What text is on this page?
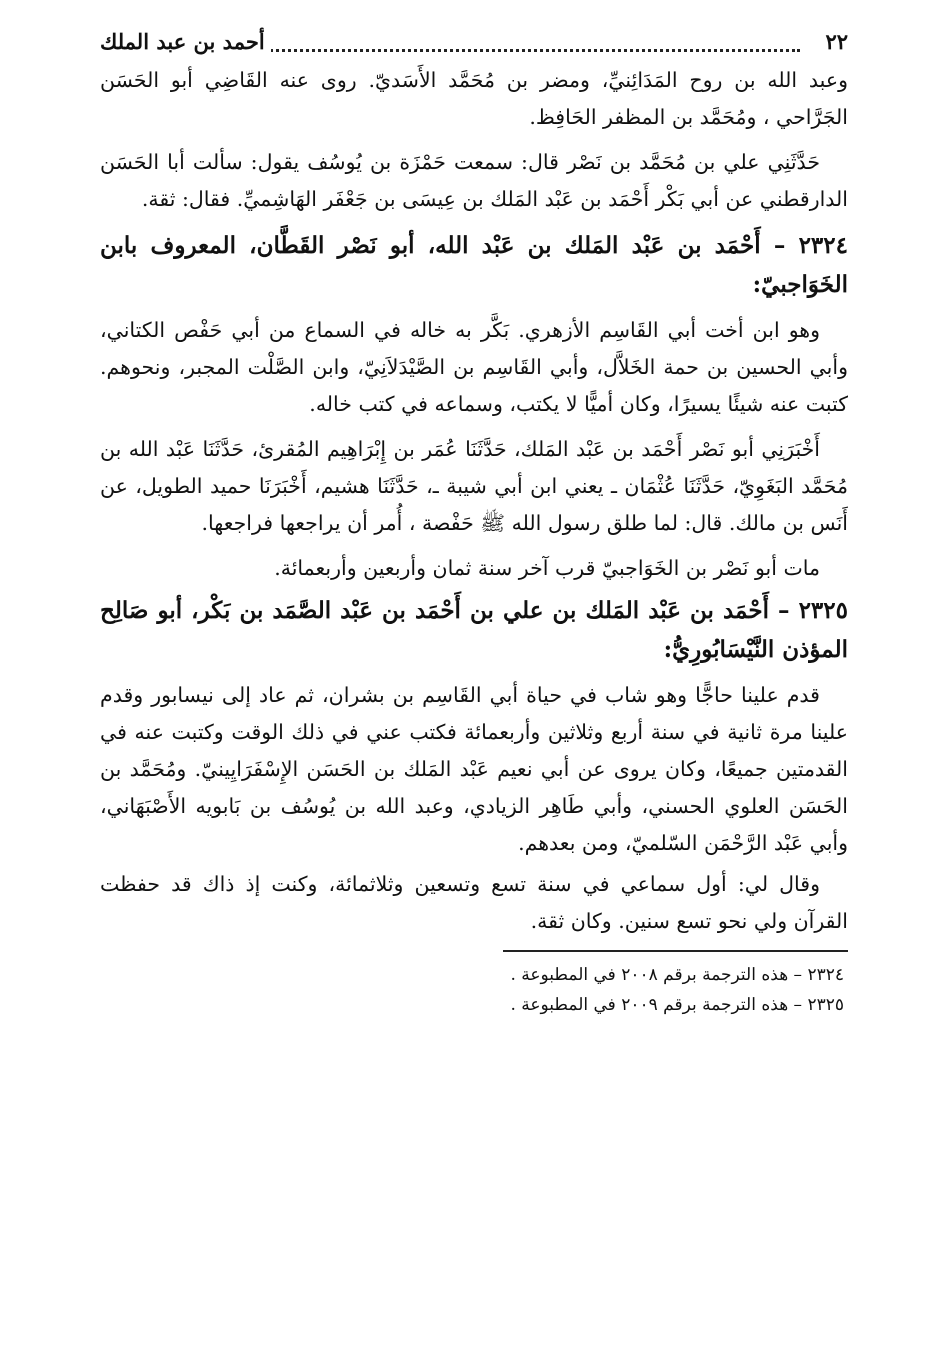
٢٢
أحمد بن عبد الملك

وعبد الله بن روح المَدَائِنيِّ، ومضر بن مُحَمَّد الأَسَديّ. روى عنه القَاضِي أبو الحَسَن الجَرَّاحي ، ومُحَمَّد بن المظفر الحَافِظ.

حَدَّثَنِي علي بن مُحَمَّد بن نَصْر قال: سمعت حَمْزَة بن يُوسُف يقول: سألت أبا الحَسَن الدارقطني عن أبي بَكْر أَحْمَد بن عَبْد المَلك بن عِيسَى بن جَعْفَر الهَاشِميِّ. فقال: ثقة.

٢٣٢٤ – أَحْمَد بن عَبْد المَلك بن عَبْد الله، أبو نَصْر القَطَّان، المعروف بابن الخَوَاجبيّ:

وهو ابن أخت أبي القَاسِم الأزهري. بَكَّر به خاله في السماع من أبي حَفْص الكتاني، وأبي الحسين بن حمة الخَلاَّل، وأبي القَاسِم بن الصَّيْدَلاَنِيّ، وابن الصَّلْت المجبر، ونحوهم. كتبت عنه شيئًا يسيرًا، وكان أميًّا لا يكتب، وسماعه في كتب خاله.

أَخْبَرَنِي أبو نَصْر أَحْمَد بن عَبْد المَلك، حَدَّثَنَا عُمَر بن إِبْرَاهِيم المُقرئ، حَدَّثَنَا عَبْد الله بن مُحَمَّد البَغَوِيّ، حَدَّثَنَا عُثْمَان ـ يعني ابن أبي شيبة ـ، حَدَّثَنَا هشيم، أَخْبَرَنَا حميد الطويل، عن أَنَس بن مالك. قال: لما طلق رسول الله ﷺ حَفْصة ، أُمر أن يراجعها فراجعها.

مات أبو نَصْر بن الخَوَاجبيّ قرب آخر سنة ثمان وأربعين وأربعمائة.

٢٣٢٥ – أَحْمَد بن عَبْد المَلك بن علي بن أَحْمَد بن عَبْد الصَّمَد بن بَكْر، أبو صَالِح المؤذن النَّيْسَابُورِيُّ:

قدم علينا حاجًّا وهو شاب في حياة أبي القَاسِم بن بشران، ثم عاد إلى نيسابور وقدم علينا مرة ثانية في سنة أربع وثلاثين وأربعمائة فكتب عني في ذلك الوقت وكتبت عنه في القدمتين جميعًا، وكان يروى عن أبي نعيم عَبْد المَلك بن الحَسَن الإِسْفَرَايِينيّ. ومُحَمَّد بن الحَسَن العلوي الحسني، وأبي طَاهِر الزيادي، وعبد الله بن يُوسُف بن بَابويه الأَصْبَهَاني، وأبي عَبْد الرَّحْمَن السّلميّ، ومن بعدهم.

وقال لي: أول سماعي في سنة تسع وتسعين وثلاثمائة، وكنت إذ ذاك قد حفظت القرآن ولي نحو تسع سنين. وكان ثقة.

٢٣٢٤ – هذه الترجمة برقم ٢٠٠٨ في المطبوعة .

٢٣٢٥ – هذه الترجمة برقم ٢٠٠٩ في المطبوعة .
